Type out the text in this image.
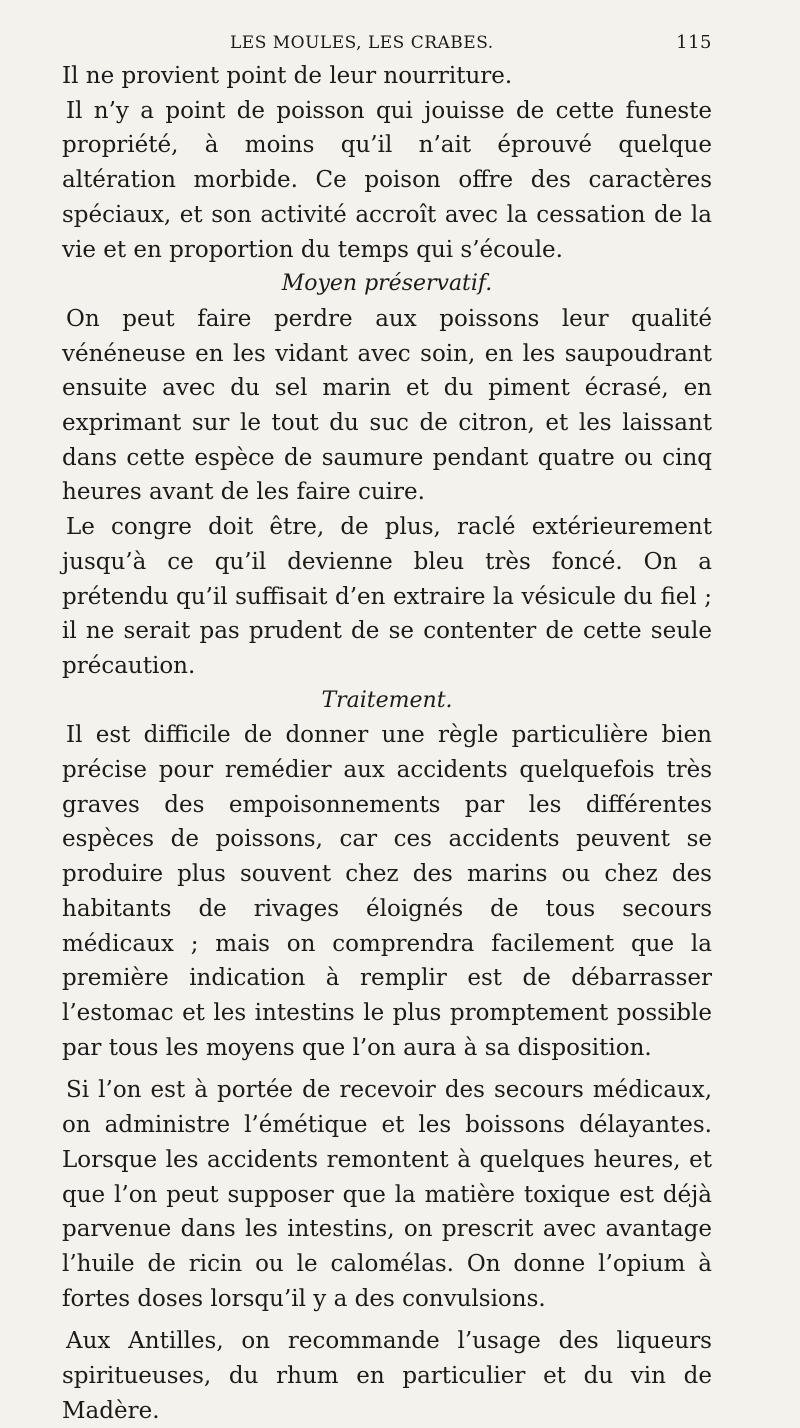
LES MOULES, LES CRABES.	115

Il ne provient point de leur nourriture.

Il n’y a point de poisson qui jouisse de cette funeste propriété, à moins qu’il n’ait éprouvé quelque altération morbide. Ce poison offre des caractères spéciaux, et son activité accroît avec la cessation de la vie et en proportion du temps qui s’écoule.

Moyen préservatif.

On peut faire perdre aux poissons leur qualité vénéneuse en les vidant avec soin, en les saupoudrant ensuite avec du sel marin et du piment écrasé, en exprimant sur le tout du suc de citron, et les laissant dans cette espèce de saumure pendant quatre ou cinq heures avant de les faire cuire.

Le congre doit être, de plus, raclé extérieurement jusqu’à ce qu’il devienne bleu très foncé. On a prétendu qu’il suffisait d’en extraire la vésicule du fiel ; il ne serait pas prudent de se contenter de cette seule précaution.

Traitement.

Il est difficile de donner une règle particulière bien précise pour remédier aux accidents quelquefois très graves des empoisonnements par les différentes espèces de poissons, car ces accidents peuvent se produire plus souvent chez des marins ou chez des habitants de rivages éloignés de tous secours médicaux ; mais on comprendra facilement que la première indication à remplir est de débarrasser l’estomac et les intestins le plus promptement possible par tous les moyens que l’on aura à sa disposition.

Si l’on est à portée de recevoir des secours médicaux, on administre l’émétique et les boissons délayantes. Lorsque les accidents remontent à quelques heures, et que l’on peut supposer que la matière toxique est déjà parvenue dans les intestins, on prescrit avec avantage l’huile de ricin ou le calomélas. On donne l’opium à fortes doses lorsqu’il y a des convulsions.

Aux Antilles, on recommande l’usage des liqueurs spiritueuses, du rhum en particulier et du vin de Madère.
